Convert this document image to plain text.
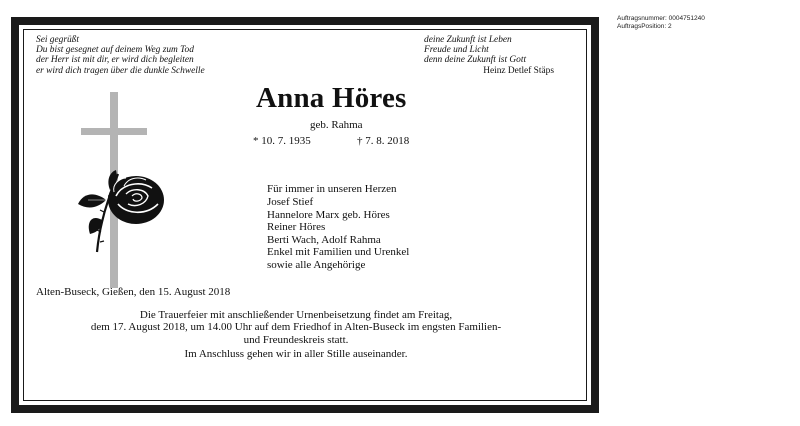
Auftragsnummer: 0004751240
AuftragsPosition: 2
Sei gegrüßt
Du bist gesegnet auf deinem Weg zum Tod
der Herr ist mit dir, er wird dich begleiten
er wird dich tragen über die dunkle Schwelle
deine Zukunft ist Leben
Freude und Licht
denn deine Zukunft ist Gott
Heinz Detlef Stäps
Anna Höres
geb. Rahma
* 10. 7. 1935	† 7. 8. 2018
Für immer in unseren Herzen
Josef Stief
Hannelore Marx geb. Höres
Reiner Höres
Berti Wach, Adolf Rahma
Enkel mit Familien und Urenkel
sowie alle Angehörige
Alten-Buseck, Gießen, den 15. August 2018
Die Trauerfeier mit anschließender Urnenbeisetzung findet am Freitag,
dem 17. August 2018, um 14.00 Uhr auf dem Friedhof in Alten-Buseck im engsten Familien-
und Freundeskreis statt.
Im Anschluss gehen wir in aller Stille auseinander.
